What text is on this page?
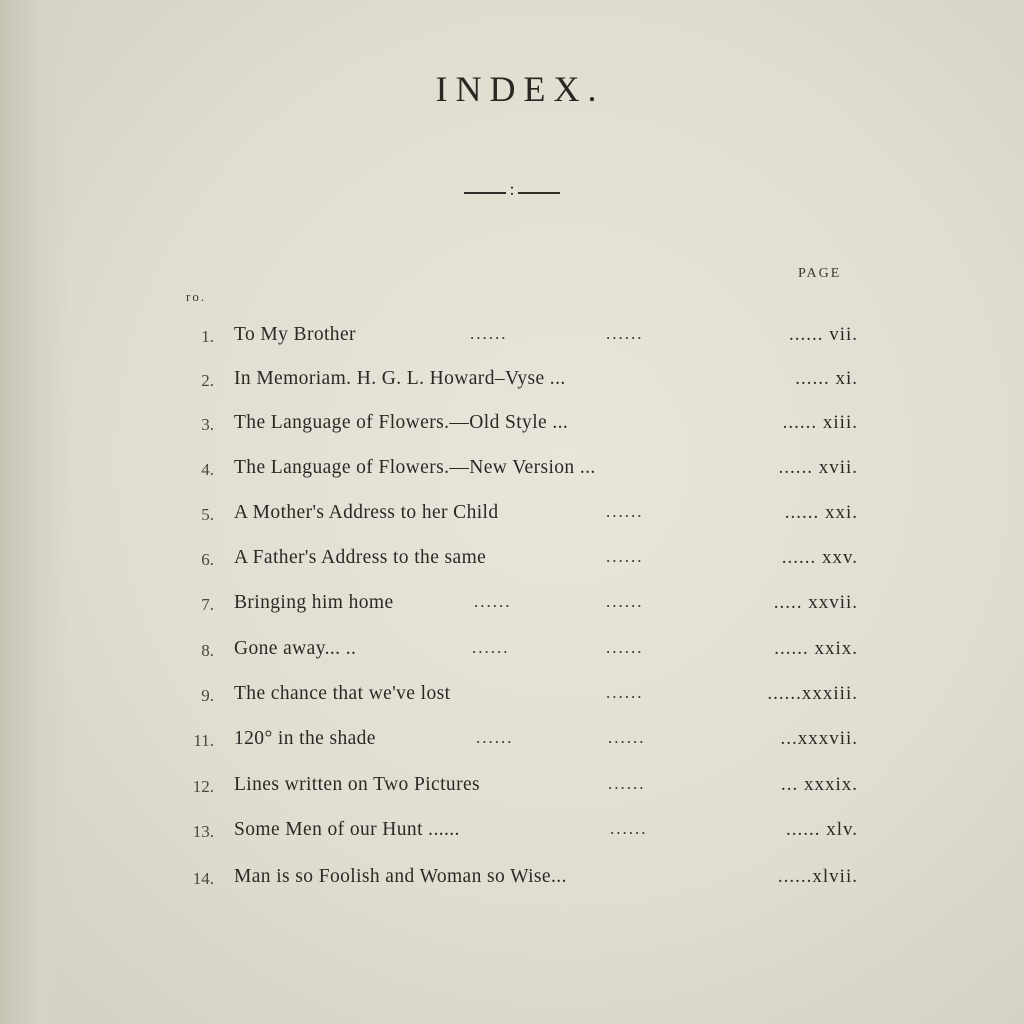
INDEX.
:
PAGE
ro.
1. To My Brother	......	......	...... vii.
2. In Memoriam. H. G. L. Howard–Vyse ...	...... xi.
3. The Language of Flowers.—Old Style ...	...... xiii.
4. The Language of Flowers.—New Version ...	...... xvii.
5. A Mother's Address to her Child	......	...... xxi.
6. A Father's Address to the same	......	...... xxv.
7. Bringing him home	......	......	..... xxvii.
8. Gone away... ..	......	......	...... xxix.
9. The chance that we've lost	......	......xxxiii.
11. 120° in the shade	......	......	...xxxvii.
12. Lines written on Two Pictures	......	... xxxix.
13. Some Men of our Hunt ......	......	...... xlv.
14. Man is so Foolish and Woman so Wise...	......xlvii.
